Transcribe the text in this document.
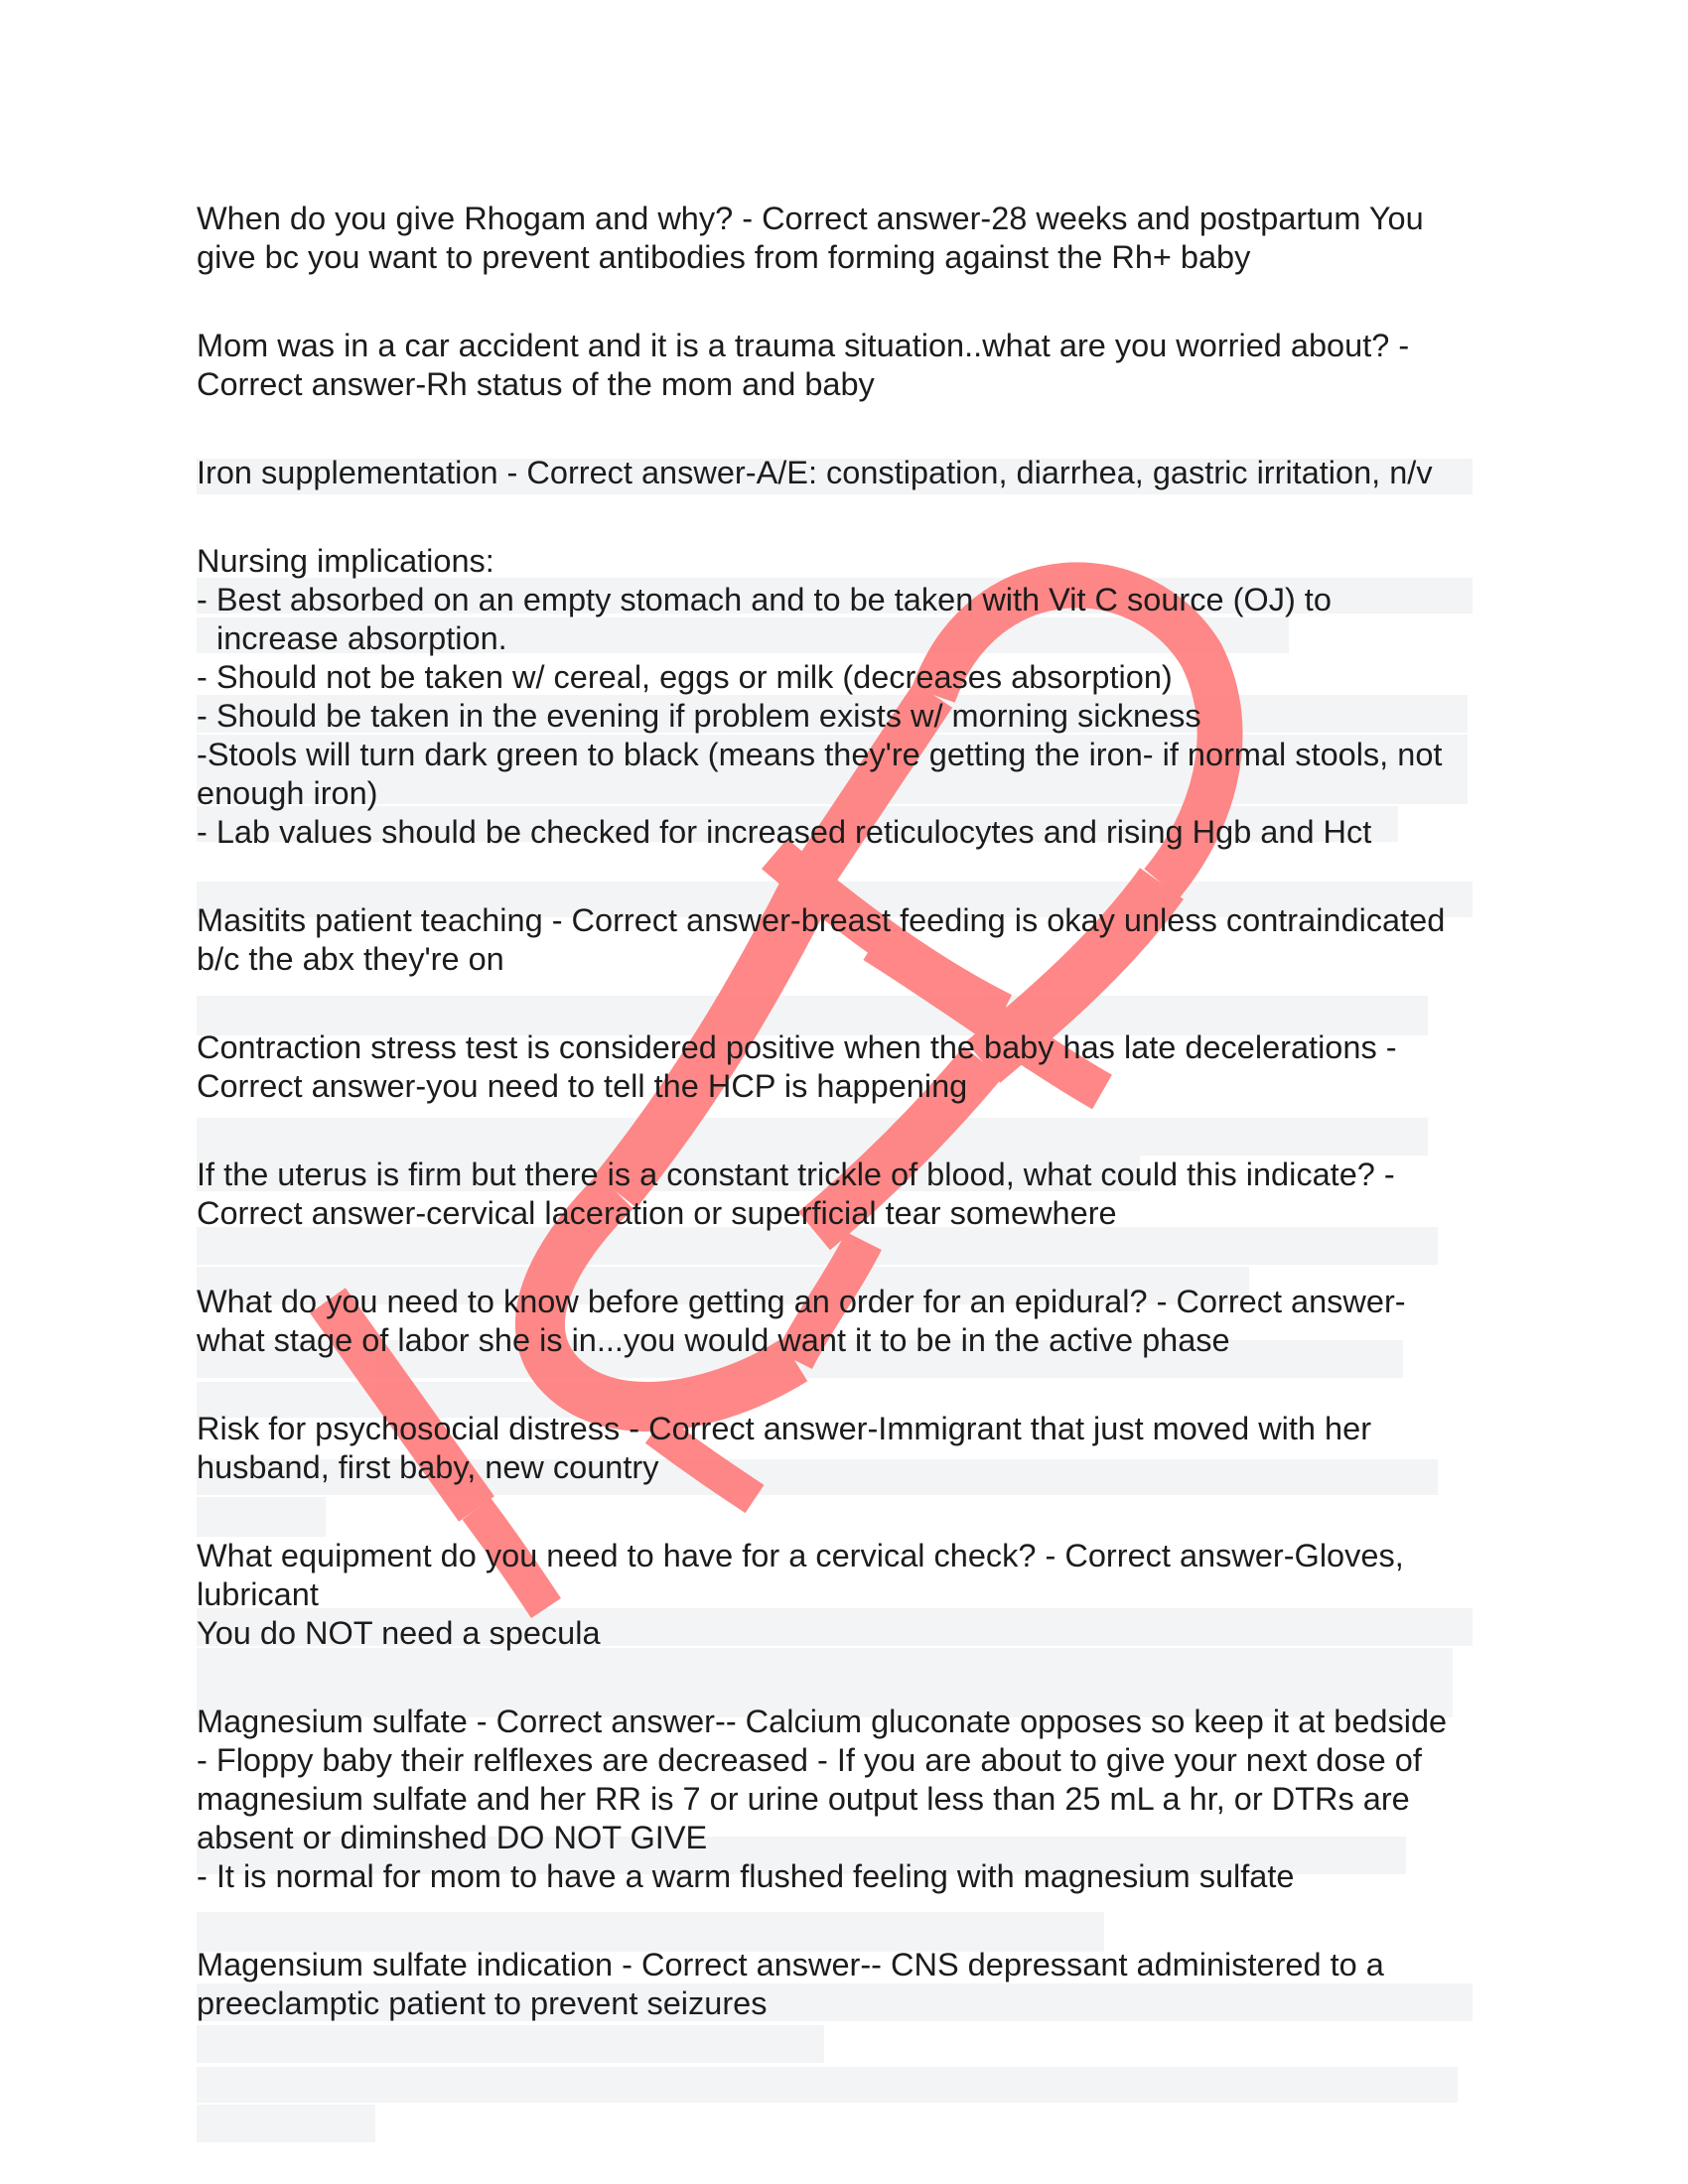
When do you give Rhogam and why? - Correct answer-28 weeks and postpartum You
give bc you want to prevent antibodies from forming against the Rh+ baby
Mom was in a car accident and it is a trauma situation..what are you worried about? -
Correct answer-Rh status of the mom and baby
Iron supplementation - Correct answer-A/E: constipation, diarrhea, gastric irritation, n/v
Nursing implications:
- Best absorbed on an empty stomach and to be taken with Vit C source (OJ) to
increase absorption.
- Should not be taken w/ cereal, eggs or milk (decreases absorption)
- Should be taken in the evening if problem exists w/ morning sickness
-Stools will turn dark green to black (means they're getting the iron- if normal stools, not
enough iron)
- Lab values should be checked for increased reticulocytes and rising Hgb and Hct
Masitits patient teaching - Correct answer-breast feeding is okay unless contraindicated
b/c the abx they're on
Contraction stress test is considered positive when the baby has late decelerations -
Correct answer-you need to tell the HCP is happening
If the uterus is firm but there is a constant trickle of blood, what could this indicate? -
Correct answer-cervical laceration or superficial tear somewhere
What do you need to know before getting an order for an epidural? - Correct answer-
what stage of labor she is in...you would want it to be in the active phase
Risk for psychosocial distress - Correct answer-Immigrant that just moved with her
husband, first baby, new country
What equipment do you need to have for a cervical check? - Correct answer-Gloves,
lubricant
You do NOT need a specula
Magnesium sulfate - Correct answer-- Calcium gluconate opposes so keep it at bedside
- Floppy baby their relflexes are decreased - If you are about to give your next dose of
magnesium sulfate and her RR is 7 or urine output less than 25 mL a hr, or DTRs are
absent or diminshed DO NOT GIVE
- It is normal for mom to have a warm flushed feeling with magnesium sulfate
Magensium sulfate indication - Correct answer-- CNS depressant administered to a
preeclamptic patient to prevent seizures
